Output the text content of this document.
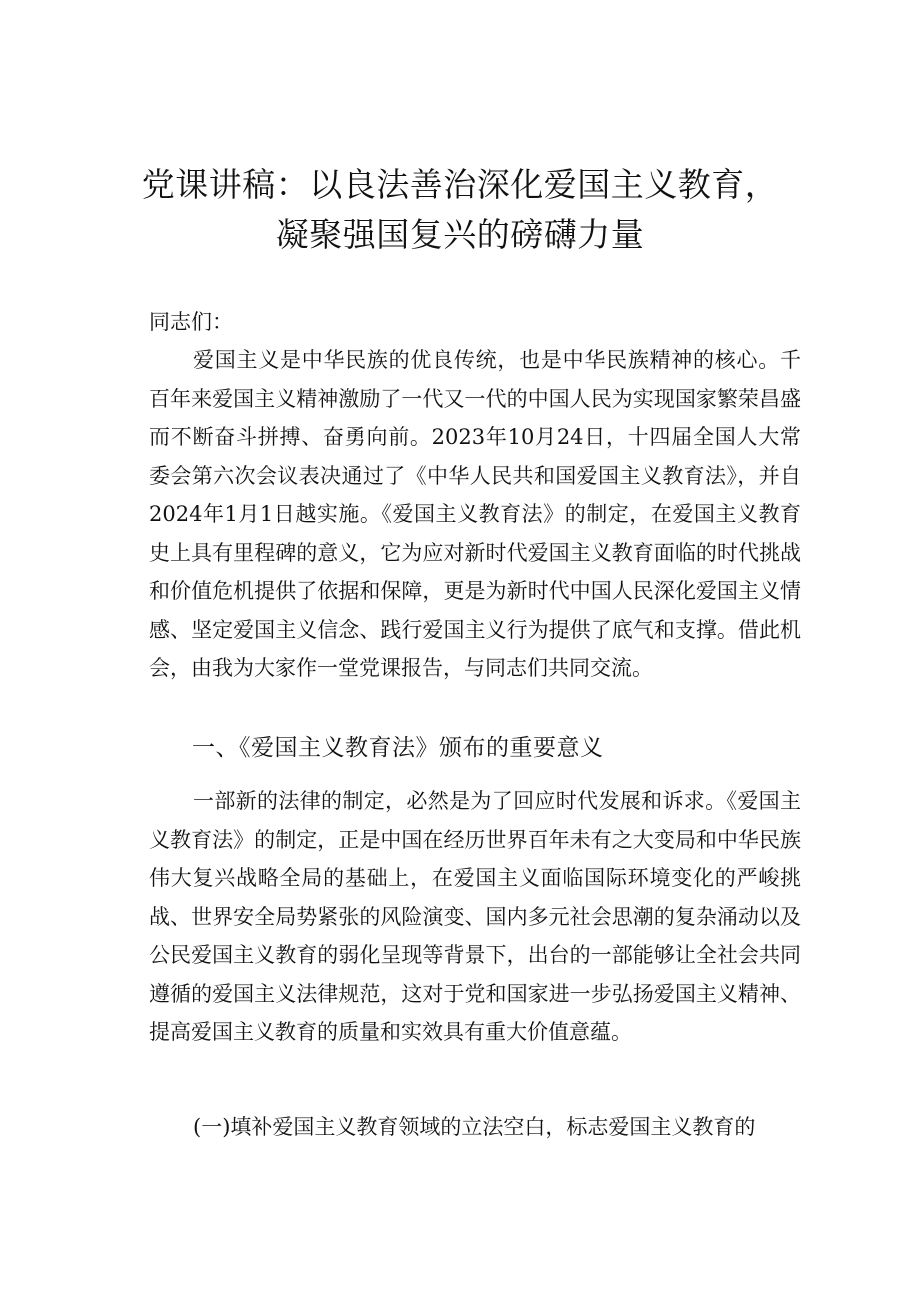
党课讲稿：以良法善治深化爱国主义教育，
凝聚强国复兴的磅礴力量
同志们：

爱国主义是中华民族的优良传统，也是中华民族精神的核心。千百年来爱国主义精神激励了一代又一代的中国人民为实现国家繁荣昌盛而不断奋斗拼搏、奋勇向前。2023年10月24日，十四届全国人大常委会第六次会议表决通过了《中华人民共和国爱国主义教育法》，并自2024年1月1日越实施。《爱国主义教育法》的制定，在爱国主义教育史上具有里程碑的意义，它为应对新时代爱国主义教育面临的时代挑战和价值危机提供了依据和保障，更是为新时代中国人民深化爱国主义情感、坚定爱国主义信念、践行爱国主义行为提供了底气和支撑。借此机会，由我为大家作一堂党课报告，与同志们共同交流。

一、《爱国主义教育法》颁布的重要意义

一部新的法律的制定，必然是为了回应时代发展和诉求。《爱国主义教育法》的制定，正是中国在经历世界百年未有之大变局和中华民族伟大复兴战略全局的基础上，在爱国主义面临国际环境变化的严峻挑战、世界安全局势紧张的风险演变、国内多元社会思潮的复杂涌动以及公民爱国主义教育的弱化呈现等背景下，出台的一部能够让全社会共同遵循的爱国主义法律规范，这对于党和国家进一步弘扬爱国主义精神、提高爱国主义教育的质量和实效具有重大价值意蕴。

(一)填补爱国主义教育领域的立法空白，标志爱国主义教育的
